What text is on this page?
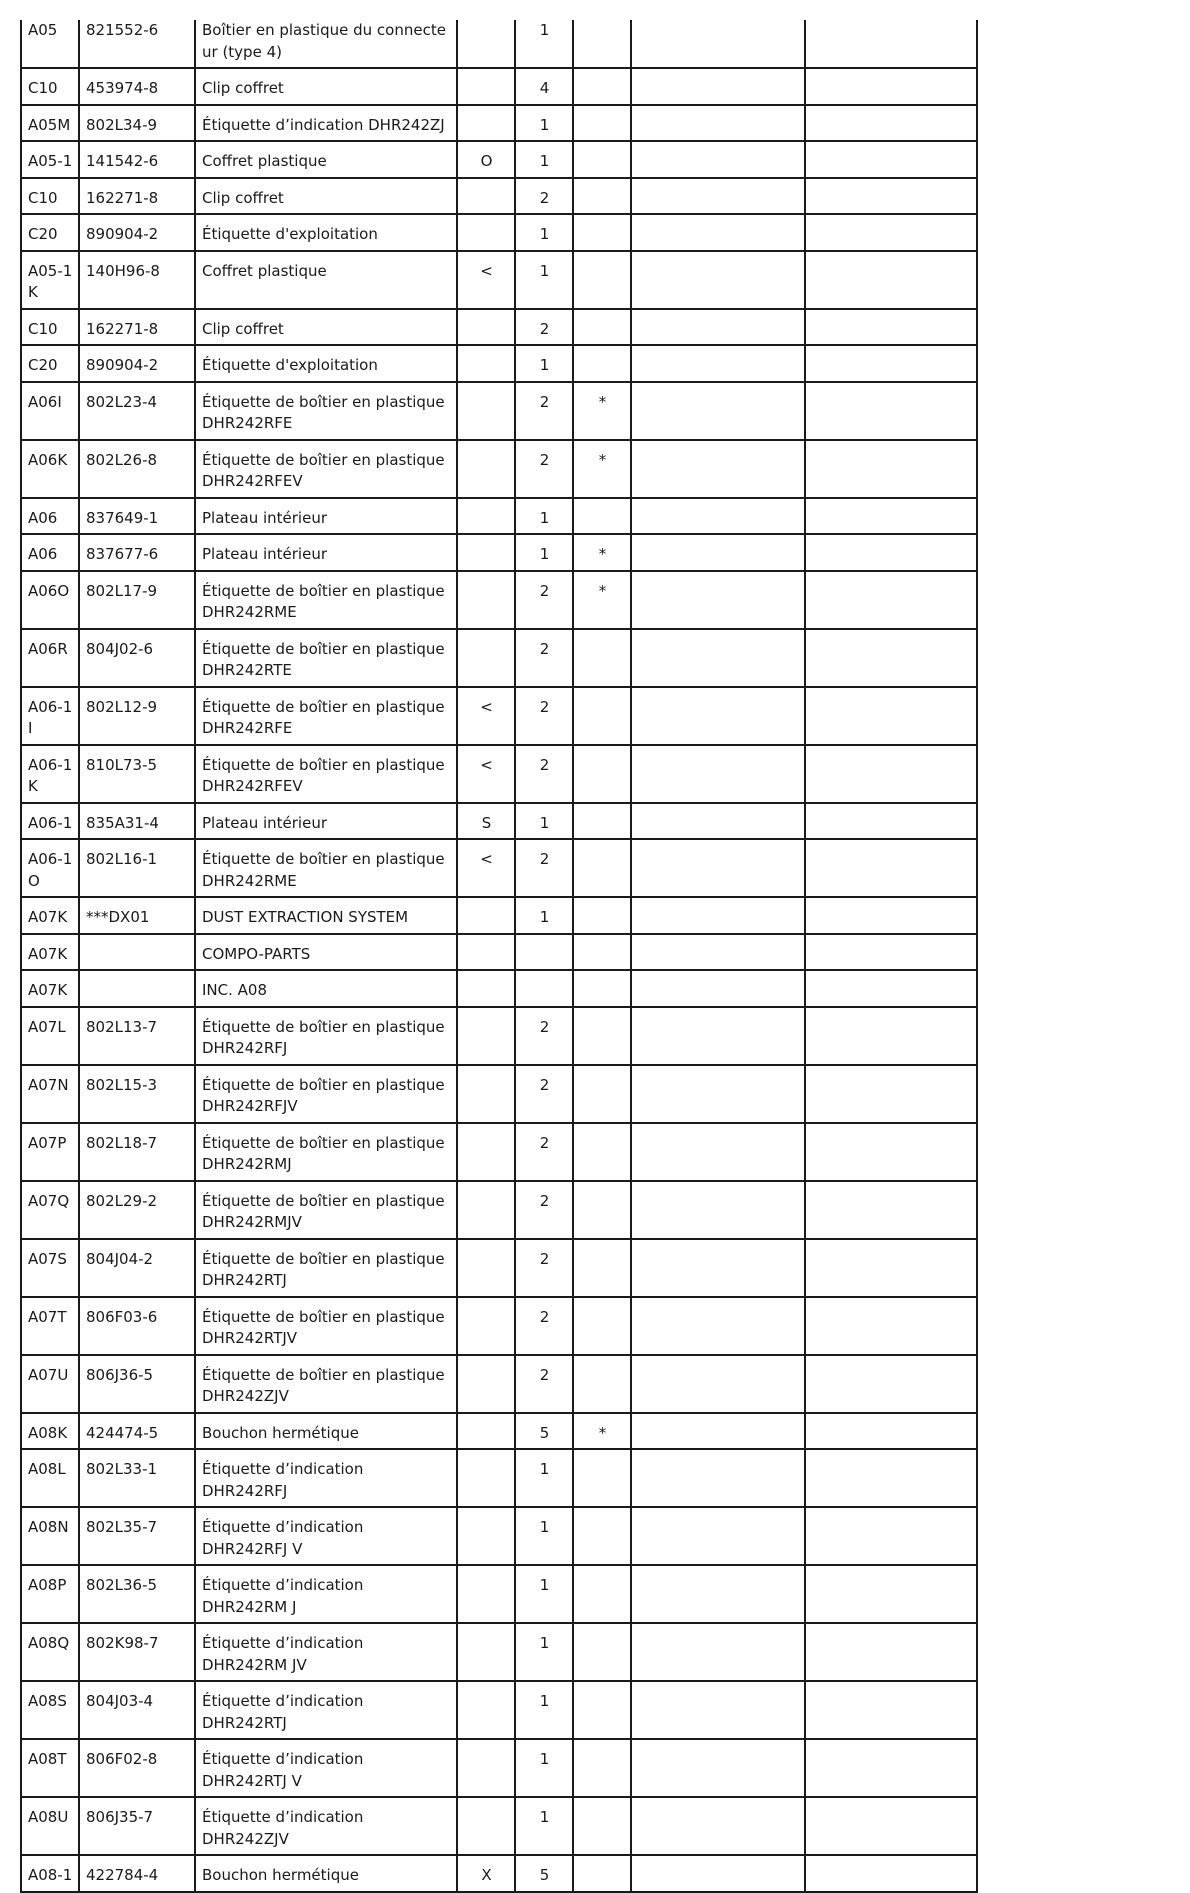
A05	821552-6	Boîtier en plastique du connecte ur (type 4)		1			
C10	453974-8	Clip coffret		4			
A05M	802L34-9	Étiquette d’indication DHR242ZJ		1			
A05-1	141542-6	Coffret plastique	O	1			
C10	162271-8	Clip coffret		2			
C20	890904-2	Étiquette d'exploitation		1			
A05-1 K	140H96-8	Coffret plastique	<	1			
C10	162271-8	Clip coffret		2			
C20	890904-2	Étiquette d'exploitation		1			
A06I	802L23-4	Étiquette de boîtier en plastique DHR242RFE		2	*		
A06K	802L26-8	Étiquette de boîtier en plastique DHR242RFEV		2	*		
A06	837649-1	Plateau intérieur		1			
A06	837677-6	Plateau intérieur		1	*		
A06O	802L17-9	Étiquette de boîtier en plastique DHR242RME		2	*		
A06R	804J02-6	Étiquette de boîtier en plastique DHR242RTE		2			
A06-1 I	802L12-9	Étiquette de boîtier en plastique DHR242RFE	<	2			
A06-1 K	810L73-5	Étiquette de boîtier en plastique DHR242RFEV	<	2			
A06-1	835A31-4	Plateau intérieur	S	1			
A06-1 O	802L16-1	Étiquette de boîtier en plastique DHR242RME	<	2			
A07K	***DX01	DUST EXTRACTION SYSTEM		1			
A07K		COMPO-PARTS					
A07K		INC. A08					
A07L	802L13-7	Étiquette de boîtier en plastique DHR242RFJ		2			
A07N	802L15-3	Étiquette de boîtier en plastique DHR242RFJV		2			
A07P	802L18-7	Étiquette de boîtier en plastique DHR242RMJ		2			
A07Q	802L29-2	Étiquette de boîtier en plastique DHR242RMJV		2			
A07S	804J04-2	Étiquette de boîtier en plastique DHR242RTJ		2			
A07T	806F03-6	Étiquette de boîtier en plastique DHR242RTJV		2			
A07U	806J36-5	Étiquette de boîtier en plastique DHR242ZJV		2			
A08K	424474-5	Bouchon hermétique		5	*		
A08L	802L33-1	Étiquette d’indication DHR242RFJ		1			
A08N	802L35-7	Étiquette d’indication DHR242RFJ V		1			
A08P	802L36-5	Étiquette d’indication DHR242RM J		1			
A08Q	802K98-7	Étiquette d’indication DHR242RM JV		1			
A08S	804J03-4	Étiquette d’indication DHR242RTJ		1			
A08T	806F02-8	Étiquette d’indication DHR242RTJ V		1			
A08U	806J35-7	Étiquette d’indication DHR242ZJV		1			
A08-1	422784-4	Bouchon hermétique	X	5			
